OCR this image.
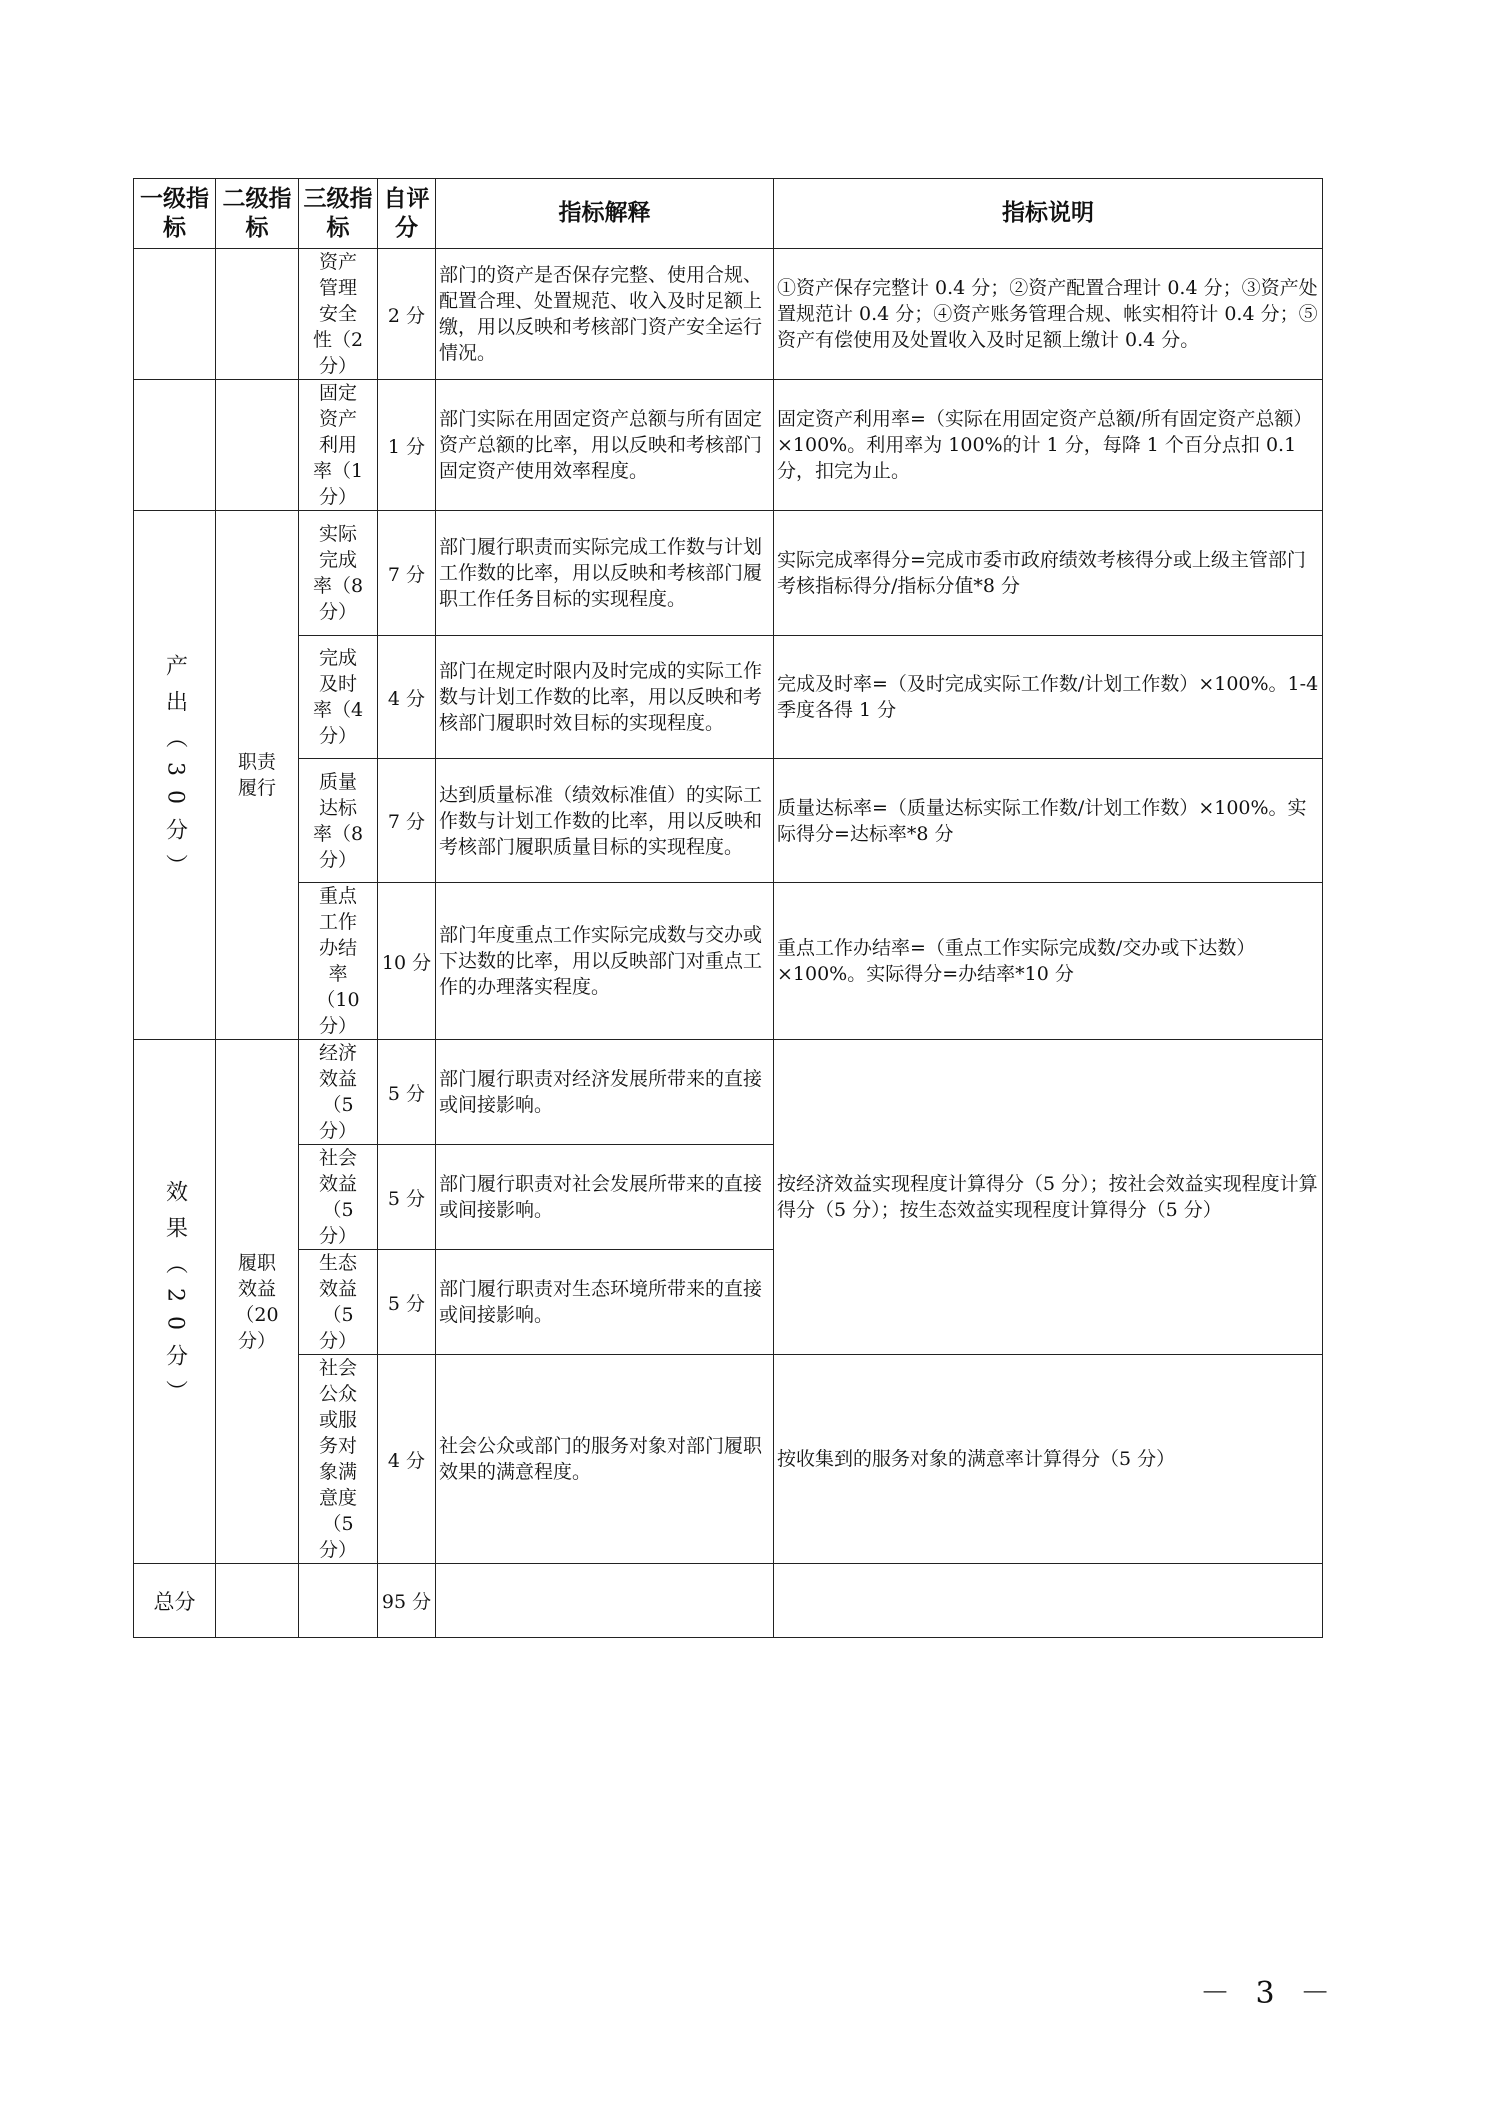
一级指标	二级指标	三级指标	自评分	指标解释	指标说明
		资产管理安全性（2分）	2 分	部门的资产是否保存完整、使用合规、配置合理、处置规范、收入及时足额上缴，用以反映和考核部门资产安全运行情况。	①资产保存完整计 0.4 分；②资产配置合理计 0.4 分；③资产处置规范计 0.4 分；④资产账务管理合规、帐实相符计 0.4 分；⑤资产有偿使用及处置收入及时足额上缴计 0.4 分。
		固定资产利用率（1分）	1 分	部门实际在用固定资产总额与所有固定资产总额的比率，用以反映和考核部门固定资产使用效率程度。	固定资产利用率=（实际在用固定资产总额/所有固定资产总额）×100%。利用率为 100%的计 1 分，每降 1 个百分点扣 0.1 分，扣完为止。
产出（30分）	职责履行	实际完成率（8分）	7 分	部门履行职责而实际完成工作数与计划工作数的比率，用以反映和考核部门履职工作任务目标的实现程度。	实际完成率得分=完成市委市政府绩效考核得分或上级主管部门考核指标得分/指标分值*8 分
		完成及时率（4分）	4 分	部门在规定时限内及时完成的实际工作数与计划工作数的比率，用以反映和考核部门履职时效目标的实现程度。	完成及时率=（及时完成实际工作数/计划工作数）×100%。1-4 季度各得 1 分
		质量达标率（8分）	7 分	达到质量标准（绩效标准值）的实际工作数与计划工作数的比率，用以反映和考核部门履职质量目标的实现程度。	质量达标率=（质量达标实际工作数/计划工作数）×100%。实际得分=达标率*8 分
		重点工作办结率（10分）	10 分	部门年度重点工作实际完成数与交办或下达数的比率，用以反映部门对重点工作的办理落实程度。	重点工作办结率=（重点工作实际完成数/交办或下达数）×100%。实际得分=办结率*10 分
效果（20分）	履职效益（20分）	经济效益（5分）	5 分	部门履行职责对经济发展所带来的直接或间接影响。	按经济效益实现程度计算得分（5 分）；按社会效益实现程度计算得分（5 分）；按生态效益实现程度计算得分（5 分）
		社会效益（5分）	5 分	部门履行职责对社会发展所带来的直接或间接影响。	
		生态效益（5分）	5 分	部门履行职责对生态环境所带来的直接或间接影响。	
		社会公众或服务对象满意度（5分）	4 分	社会公众或部门的服务对象对部门履职效果的满意程度。	按收集到的服务对象的满意率计算得分（5 分）
总分			95 分		
－ 3 －
